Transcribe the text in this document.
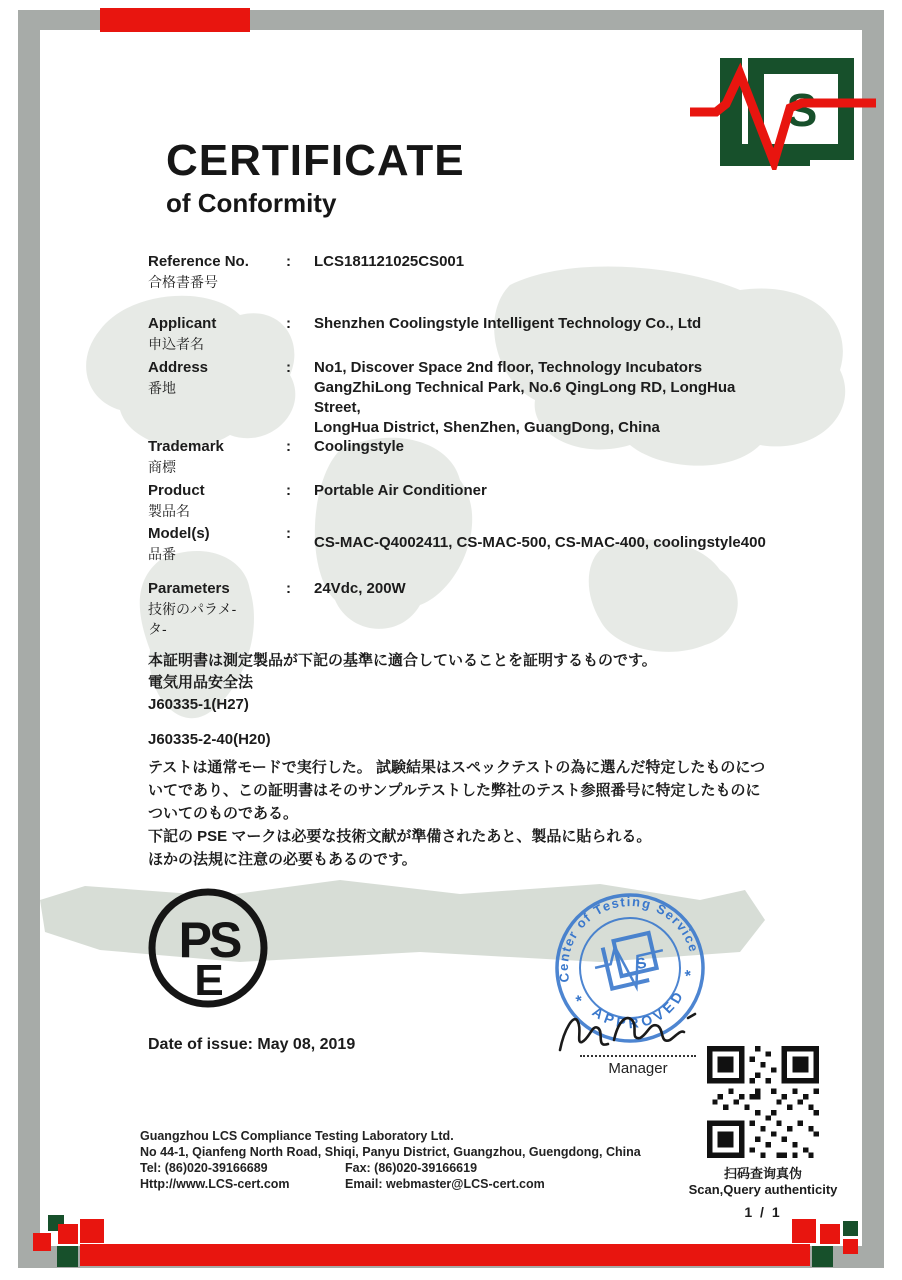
S
CERTIFICATE
of Conformity
Reference No.
合格書番号
:	LCS181121025CS001
Applicant
申込者名
:	Shenzhen Coolingstyle Intelligent Technology Co., Ltd
Address
番地
:	No1, Discover Space 2nd floor, Technology Incubators
GangZhiLong Technical Park, No.6 QingLong RD, LongHua Street,
LongHua District, ShenZhen, GuangDong, China
Trademark
商標
:	Coolingstyle
Product
製品名
:	Portable Air Conditioner
Model(s)
品番
:
CS-MAC-Q4002411, CS-MAC-500, CS-MAC-400, coolingstyle400
Parameters
技術のパラメ-
タ-
:	24Vdc, 200W
本証明書は測定製品が下記の基準に適合していることを証明するものです。
電気用品安全法
J60335-1(H27)
J60335-2-40(H20)
テストは通常モードで実行した。 試験結果はスペックテストの為に選んだ特定したものにつ
いてであり、この証明書はそのサンプルテストした弊社のテスト参照番号に特定したものに
ついてのものである。
下記の PSE マークは必要な技術文献が準備されたあと、製品に貼られる。
ほかの法規に注意の必要もあるのです。
PS
E	Center of Testing Service
APPROVED
*
*
S
Manager
Date of issue: May 08, 2019
扫码查询真伪
Scan,Query authenticity
1 / 1
Guangzhou LCS Compliance Testing Laboratory Ltd.
No 44-1, Qianfeng North Road, Shiqi, Panyu District, Guangzhou, Guengdong, China
Tel: (86)020-39166689	Fax: (86)020-39166619
Http://www.LCS-cert.com	Email: webmaster@LCS-cert.com
